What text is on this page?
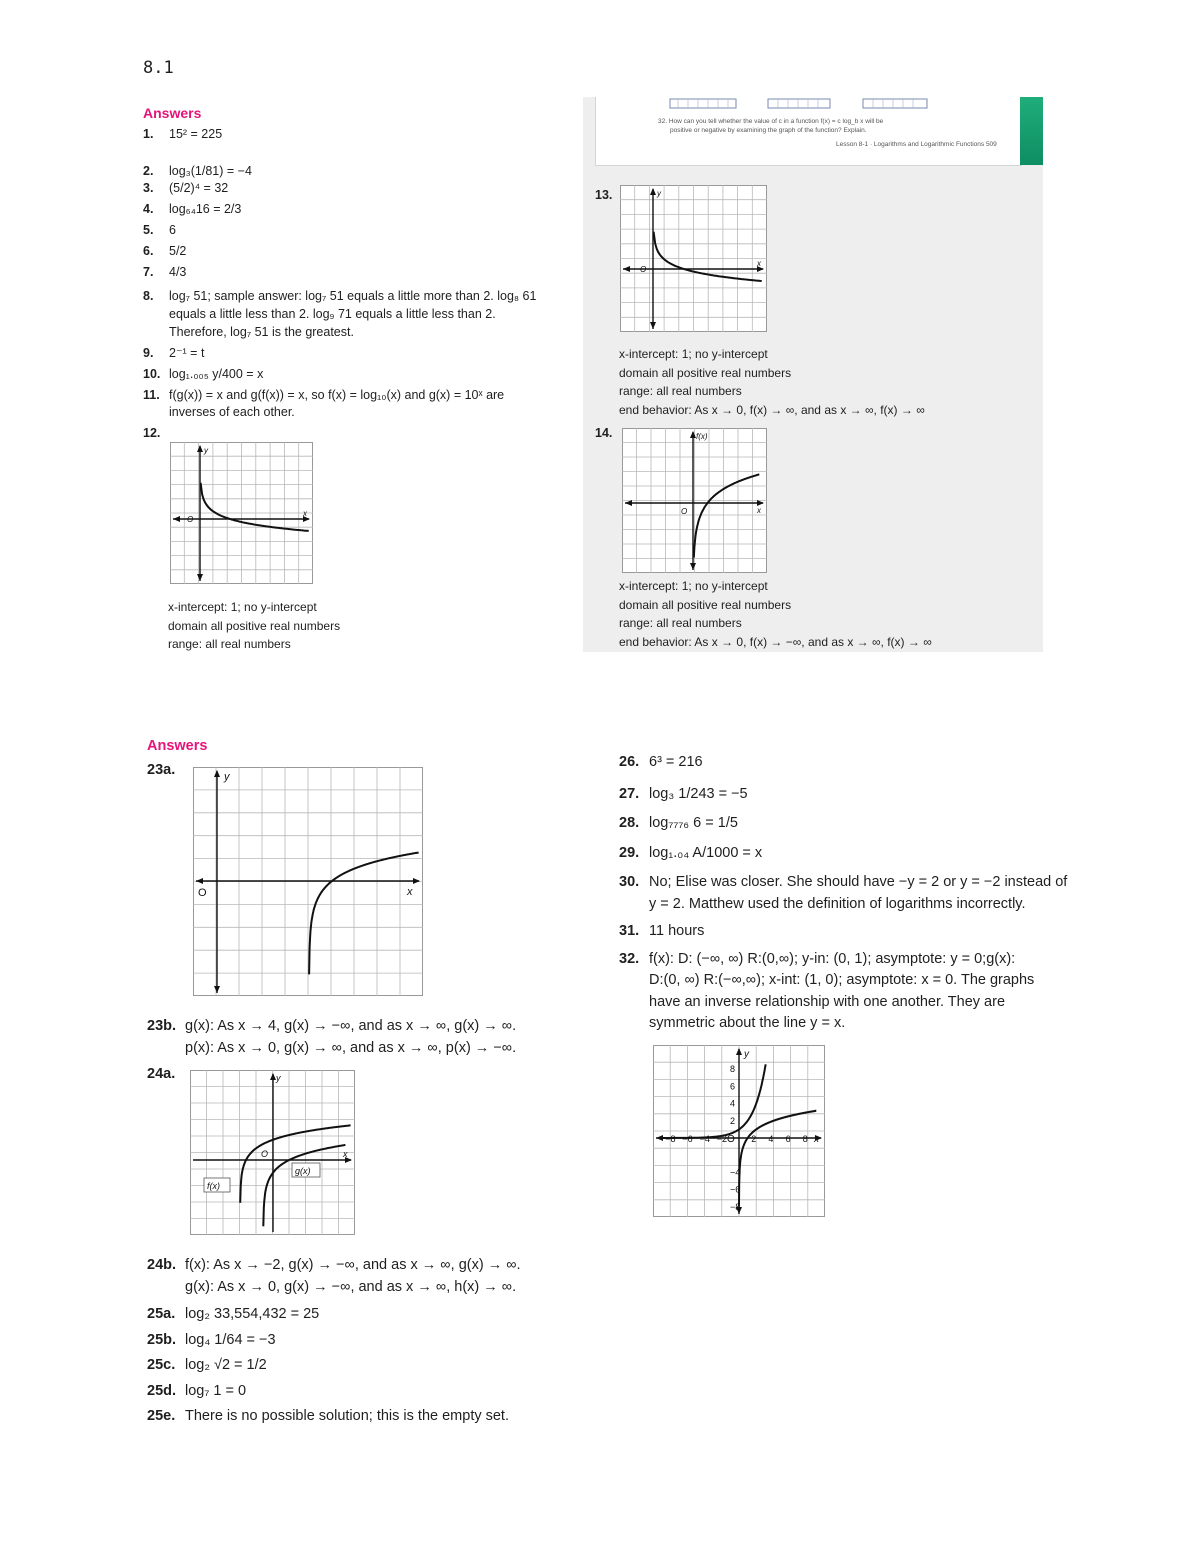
8.1
Answers
1. 15² = 225
2. log₃(1/81) = −4
3. (5/2)⁴ = 32
4. log₆₄16 = 2/3
5. 6
6. 5/2
7. 4/3
8. log₇ 51; sample answer: log₇ 51 equals a little more than 2. log₈ 61
equals a little less than 2. log₉ 71 equals a little less than 2.
Therefore, log₇ 51 is the greatest.
9. 2⁻¹ = t
10. log₁.₀₀₅ y/400 = x
11. f(g(x)) = x and g(f(x)) = x, so f(x) = log₁₀(x) and g(x) = 10ˣ are
inverses of each other.
12.
y
x
O
x-intercept: 1; no y-intercept
domain all positive real numbers
range: all real numbers
32. How can you tell whether the value of c in a function f(x) = c log_b x will be
positive or negative by examining the graph of the function? Explain.
Lesson 8-1 · Logarithms and Logarithmic Functions 509
13.	y
x
O
x-intercept: 1; no y-intercept
domain all positive real numbers
range: all real numbers
end behavior: As x → 0, f(x) → ∞, and as x → ∞, f(x) → ∞
14.	f(x)
x
O
x-intercept: 1; no y-intercept
domain all positive real numbers
range: all real numbers
end behavior: As x → 0, f(x) → −∞, and as x → ∞, f(x) → ∞
Answers
23a.	y
x
O
23b. g(x): As x → 4, g(x) → −∞, and as x → ∞, g(x) → ∞.
p(x): As x → 0, g(x) → ∞, and as x → ∞, p(x) → −∞.
24a.	y
x
O
f(x)
g(x)
24b. f(x): As x → −2, g(x) → −∞, and as x → ∞, g(x) → ∞.
g(x): As x → 0, g(x) → −∞, and as x → ∞, h(x) → ∞.
25a. log₂ 33,554,432 = 25
25b. log₄ 1/64 = −3
25c. log₂ √2 = 1/2
25d. log₇ 1 = 0
25e. There is no possible solution; this is the empty set.
26. 6³ = 216
27. log₃ 1/243 = −5
28. log₇₇₇₆ 6 = 1/5
29. log₁.₀₄ A/1000 = x
30. No; Elise was closer. She should have −y = 2 or y = −2 instead of
y = 2. Matthew used the definition of logarithms incorrectly.
31. 11 hours
32. f(x): D: (−∞, ∞) R:(0,∞); y-in: (0, 1); asymptote: y = 0;g(x):
D:(0, ∞) R:(−∞,∞); x-int: (1, 0); asymptote: x = 0. The graphs
have an inverse relationship with one another. They are
symmetric about the line y = x.
−8 −6 −4 −2	2 4 6 8
8
6
4
2
−4
−6
−8
y
x
O
